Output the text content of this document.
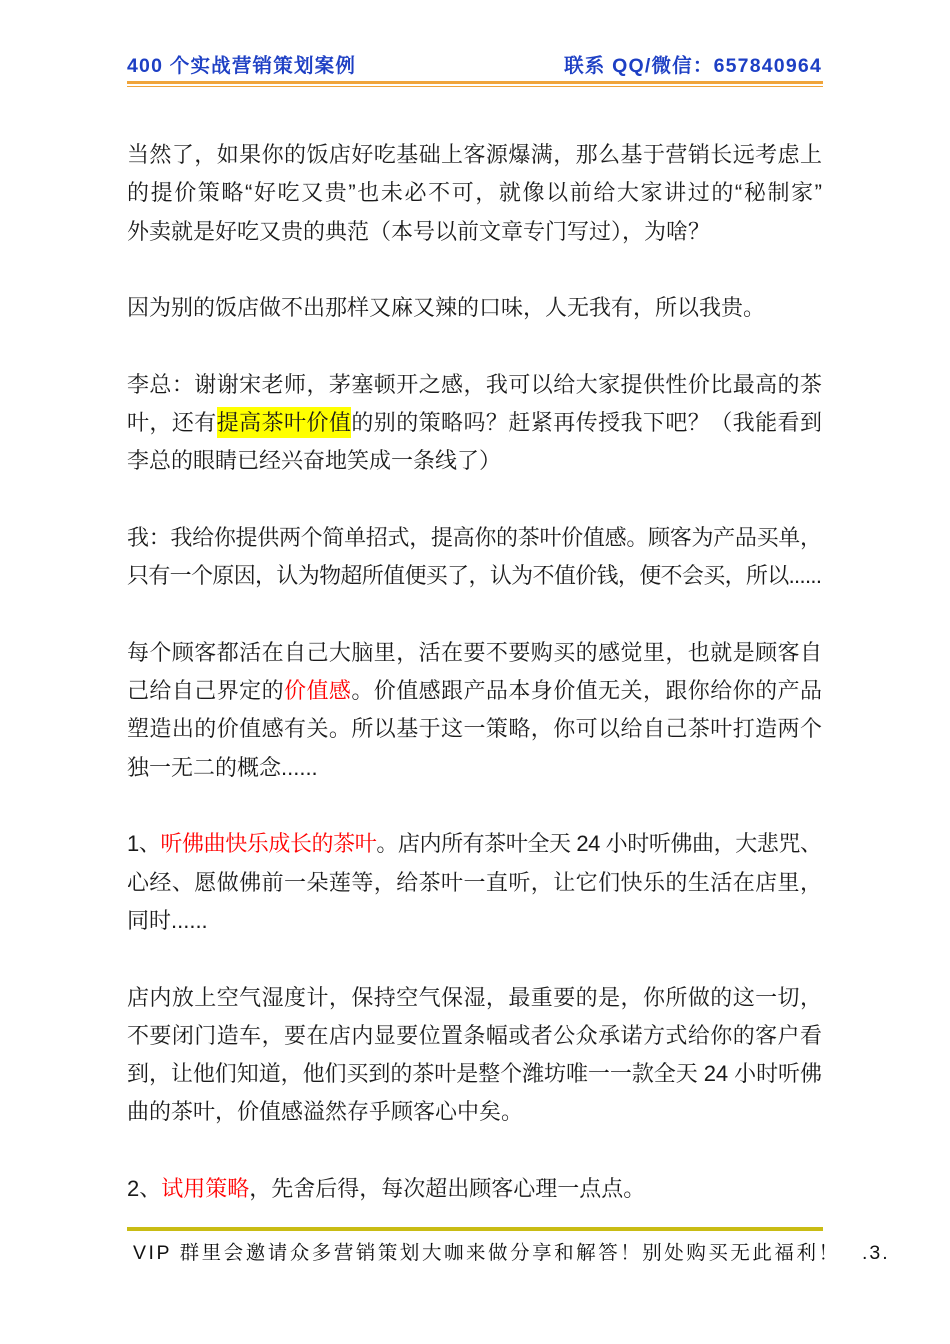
400 个实战营销策划案例	联系 QQ/微信：657840964
当然了，如果你的饭店好吃基础上客源爆满，那么基于营销长远考虑上
的提价策略“好吃又贵”也未必不可，就像以前给大家讲过的“秘制家”
外卖就是好吃又贵的典范（本号以前文章专门写过），为啥？
因为别的饭店做不出那样又麻又辣的口味，人无我有，所以我贵。
李总：谢谢宋老师，茅塞顿开之感，我可以给大家提供性价比最高的茶
叶，还有提高茶叶价值的别的策略吗？赶紧再传授我下吧？（我能看到
李总的眼睛已经兴奋地笑成一条线了）
我：我给你提供两个简单招式，提高你的茶叶价值感。顾客为产品买单，
只有一个原因，认为物超所值便买了，认为不值价钱，便不会买，所以......
每个顾客都活在自己大脑里，活在要不要购买的感觉里，也就是顾客自
己给自己界定的价值感。价值感跟产品本身价值无关，跟你给你的产品
塑造出的价值感有关。所以基于这一策略，你可以给自己茶叶打造两个
独一无二的概念......
1、听佛曲快乐成长的茶叶。店内所有茶叶全天 24 小时听佛曲，大悲咒、
心经、愿做佛前一朵莲等，给茶叶一直听，让它们快乐的生活在店里，
同时......
店内放上空气湿度计，保持空气保湿，最重要的是，你所做的这一切，
不要闭门造车，要在店内显要位置条幅或者公众承诺方式给你的客户看
到，让他们知道，他们买到的茶叶是整个潍坊唯一一款全天 24 小时听佛
曲的茶叶，价值感溢然存乎顾客心中矣。
2、试用策略，先舍后得，每次超出顾客心理一点点。
VIP 群里会邀请众多营销策划大咖来做分享和解答！别处购买无此福利！ .3.
